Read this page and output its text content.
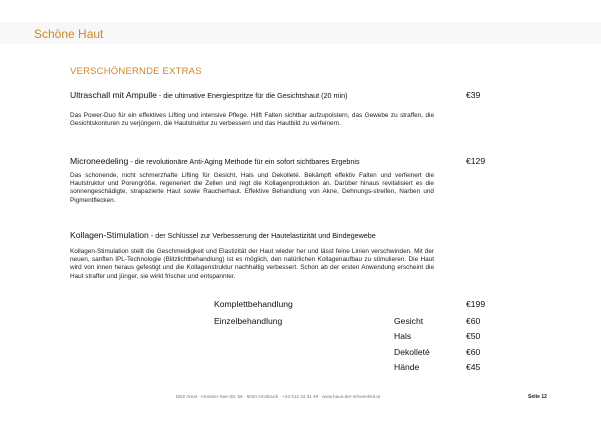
Schöne Haut
VERSCHÖNERNDE EXTRAS
Ultraschall mit Ampulle - die ultimative Energiespritze für die Gesichtshaut (20 min)	€39
Das Power-Duo für ein effektives Lifting und intensive Pflege. Hilft Falten sichtbar aufzupolstern, das Gewebe zu straffen, die Gesichtskonturen zu verjüngern, die Hautstruktur zu verbessern und das Hautbild zu verfeinern.
Microneedeling - die revolutionäre Anti-Aging Methode für ein sofort sichtbares Ergebnis	€129
Das schonende, nicht schmerzhafte Lifting für Gesicht, Hals und Dekolleté. Bekämpft effektiv Falten und verfeinert die Hautstruktur und Porengröße, regeneriert die Zellen und regt die Kollagenproduktion an. Darüber hinaus revitalisiert es die sonnengeschädigte, strapazierte Haut sowie Raucherhaut. Effektive Behandlung von Akne, Dehnungs-streifen, Narben und Pigmentflecken.
Kollagen-Stimulation - der Schlüssel zur Verbesserung der Hautelastizität und Bindegewebe
Kollagen-Stimulation stellt die Geschmeidigkeit und Elastizität der Haut wieder her und lässt feine Linien verschwinden. Mit der neuen, sanften IPL-Technologie (Blitzlichtbehandlung) ist es möglich, den natürlichen Kollagenaufbau zu stimulieren. Die Haut wird von innen heraus gefestigt und die Kollagenstruktur nachhaltig verbessert. Schon ab der ersten Anwendung erscheint die Haut straffer und jünger, sie wirkt frischer und entspannter.
Komplettbehandlung	€199
Einzelbehandlung	Gesicht	€60
Hals	€50
Dekolleté	€60
Hände	€45
DEZ Areal · Amraser-See-Str. 56 · 6020 Innsbruck · +43 512 34 31 49 · www.haus-der-schoenheit.at	Seite 12
